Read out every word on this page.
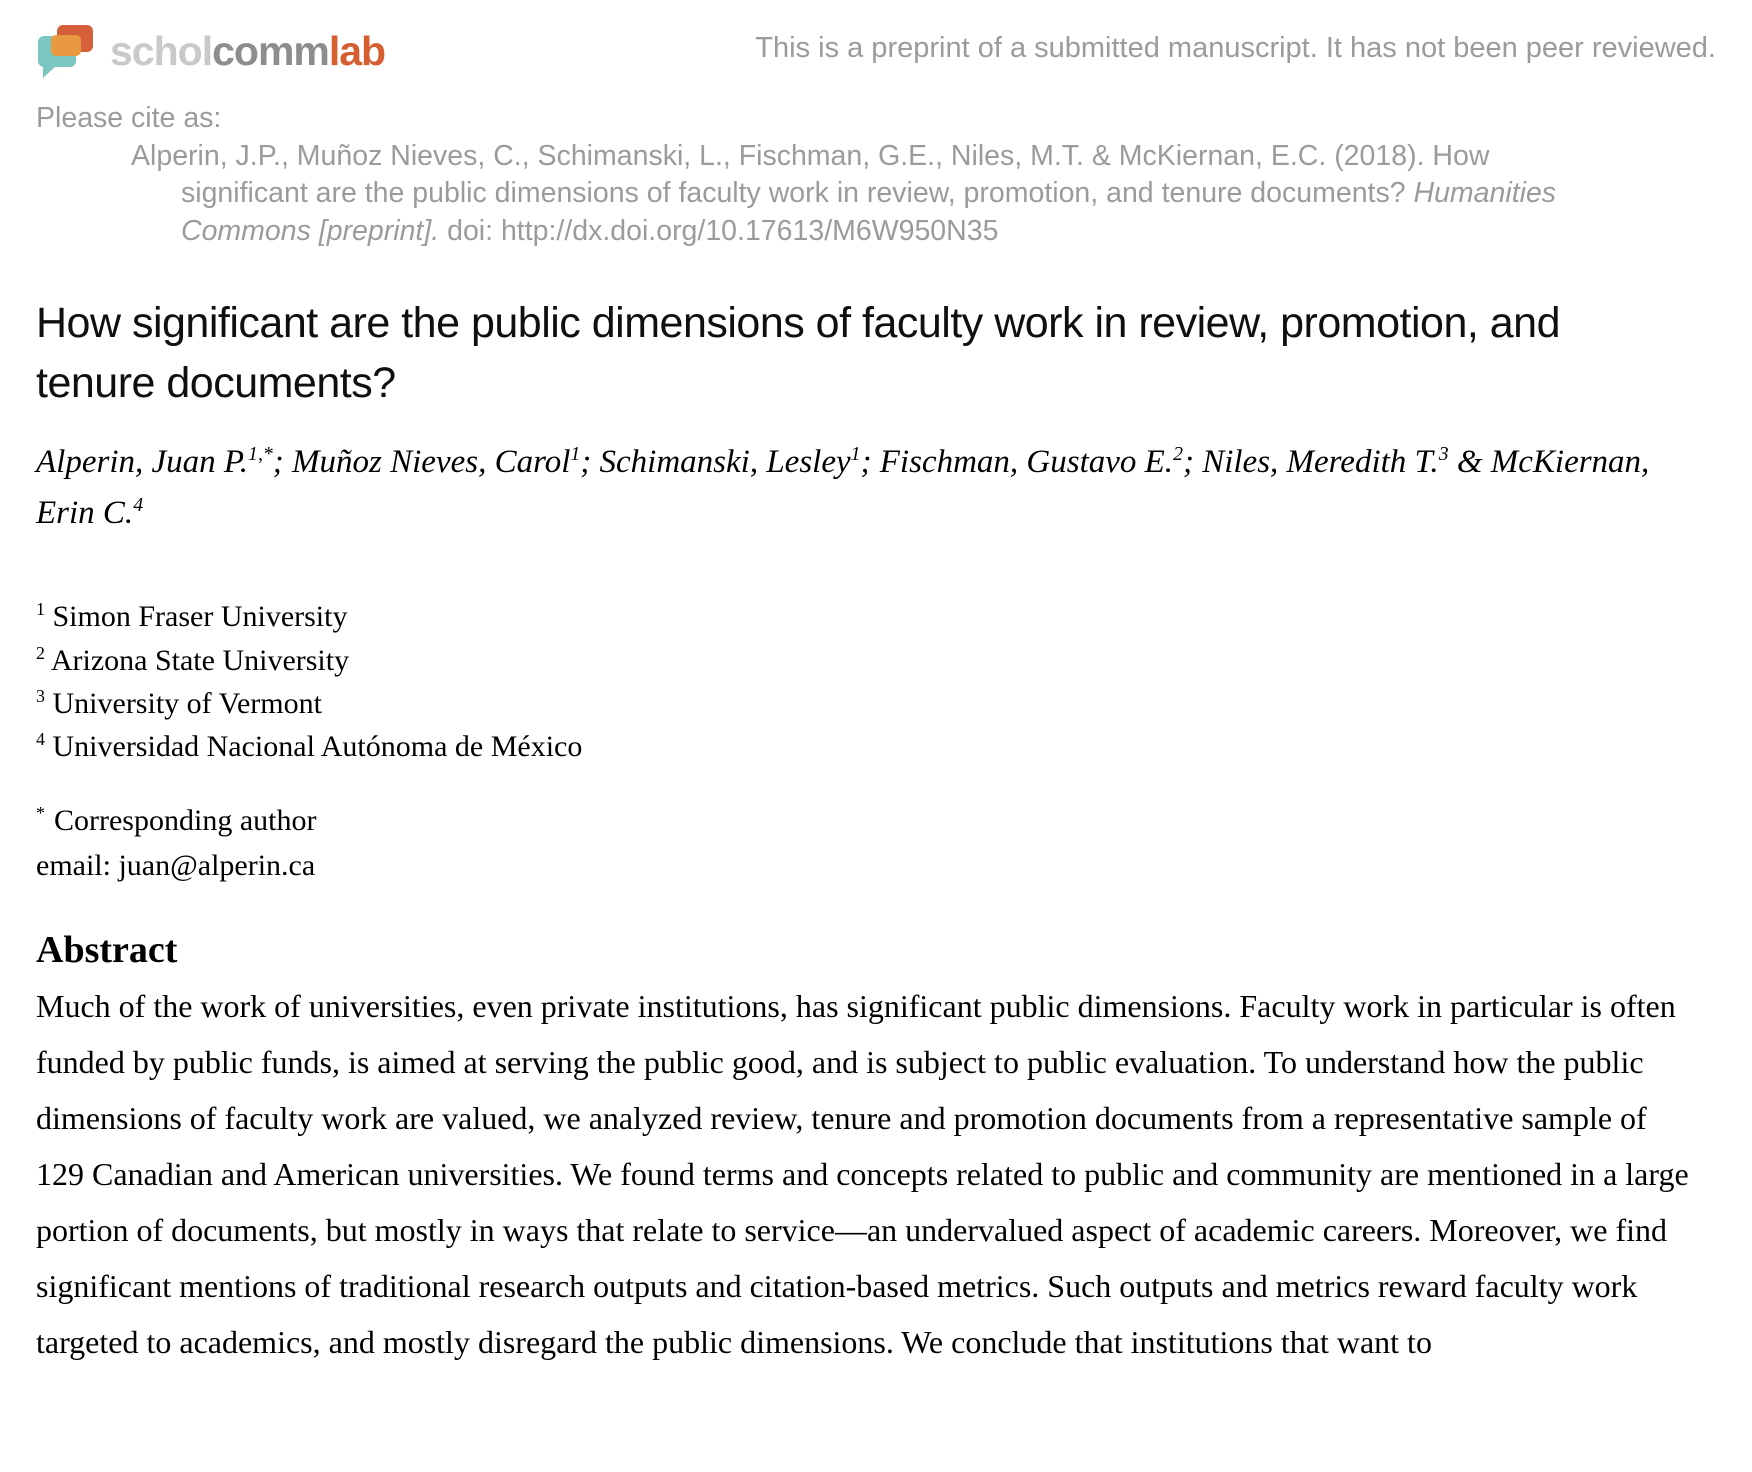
scholcommlab	This is a preprint of a submitted manuscript. It has not been peer reviewed.
Please cite as:

Alperin, J.P., Muñoz Nieves, C., Schimanski, L., Fischman, G.E., Niles, M.T. & McKiernan, E.C. (2018). How significant are the public dimensions of faculty work in review, promotion, and tenure documents? Humanities Commons [preprint]. doi: http://dx.doi.org/10.17613/M6W950N35

How significant are the public dimensions of faculty work in review, promotion, and tenure documents?

Alperin, Juan P.$^{1,*}$; Muñoz Nieves, Carol$^1$; Schimanski, Lesley$^1$; Fischman, Gustavo E.$^2$; Niles, Meredith T.$^3$ & McKiernan, Erin C.$^4$

$^1$ Simon Fraser University
$^2$ Arizona State University
$^3$ University of Vermont
$^4$ Universidad Nacional Autónoma de México
* Corresponding author
email: juan@alperin.ca
Abstract

Much of the work of universities, even private institutions, has significant public dimensions. Faculty work in particular is often funded by public funds, is aimed at serving the public good, and is subject to public evaluation. To understand how the public dimensions of faculty work are valued, we analyzed review, tenure and promotion documents from a representative sample of 129 Canadian and American universities. We found terms and concepts related to public and community are mentioned in a large portion of documents, but mostly in ways that relate to service—an undervalued aspect of academic careers. Moreover, we find significant mentions of traditional research outputs and citation-based metrics. Such outputs and metrics reward faculty work targeted to academics, and mostly disregard the public dimensions. We conclude that institutions that want to
